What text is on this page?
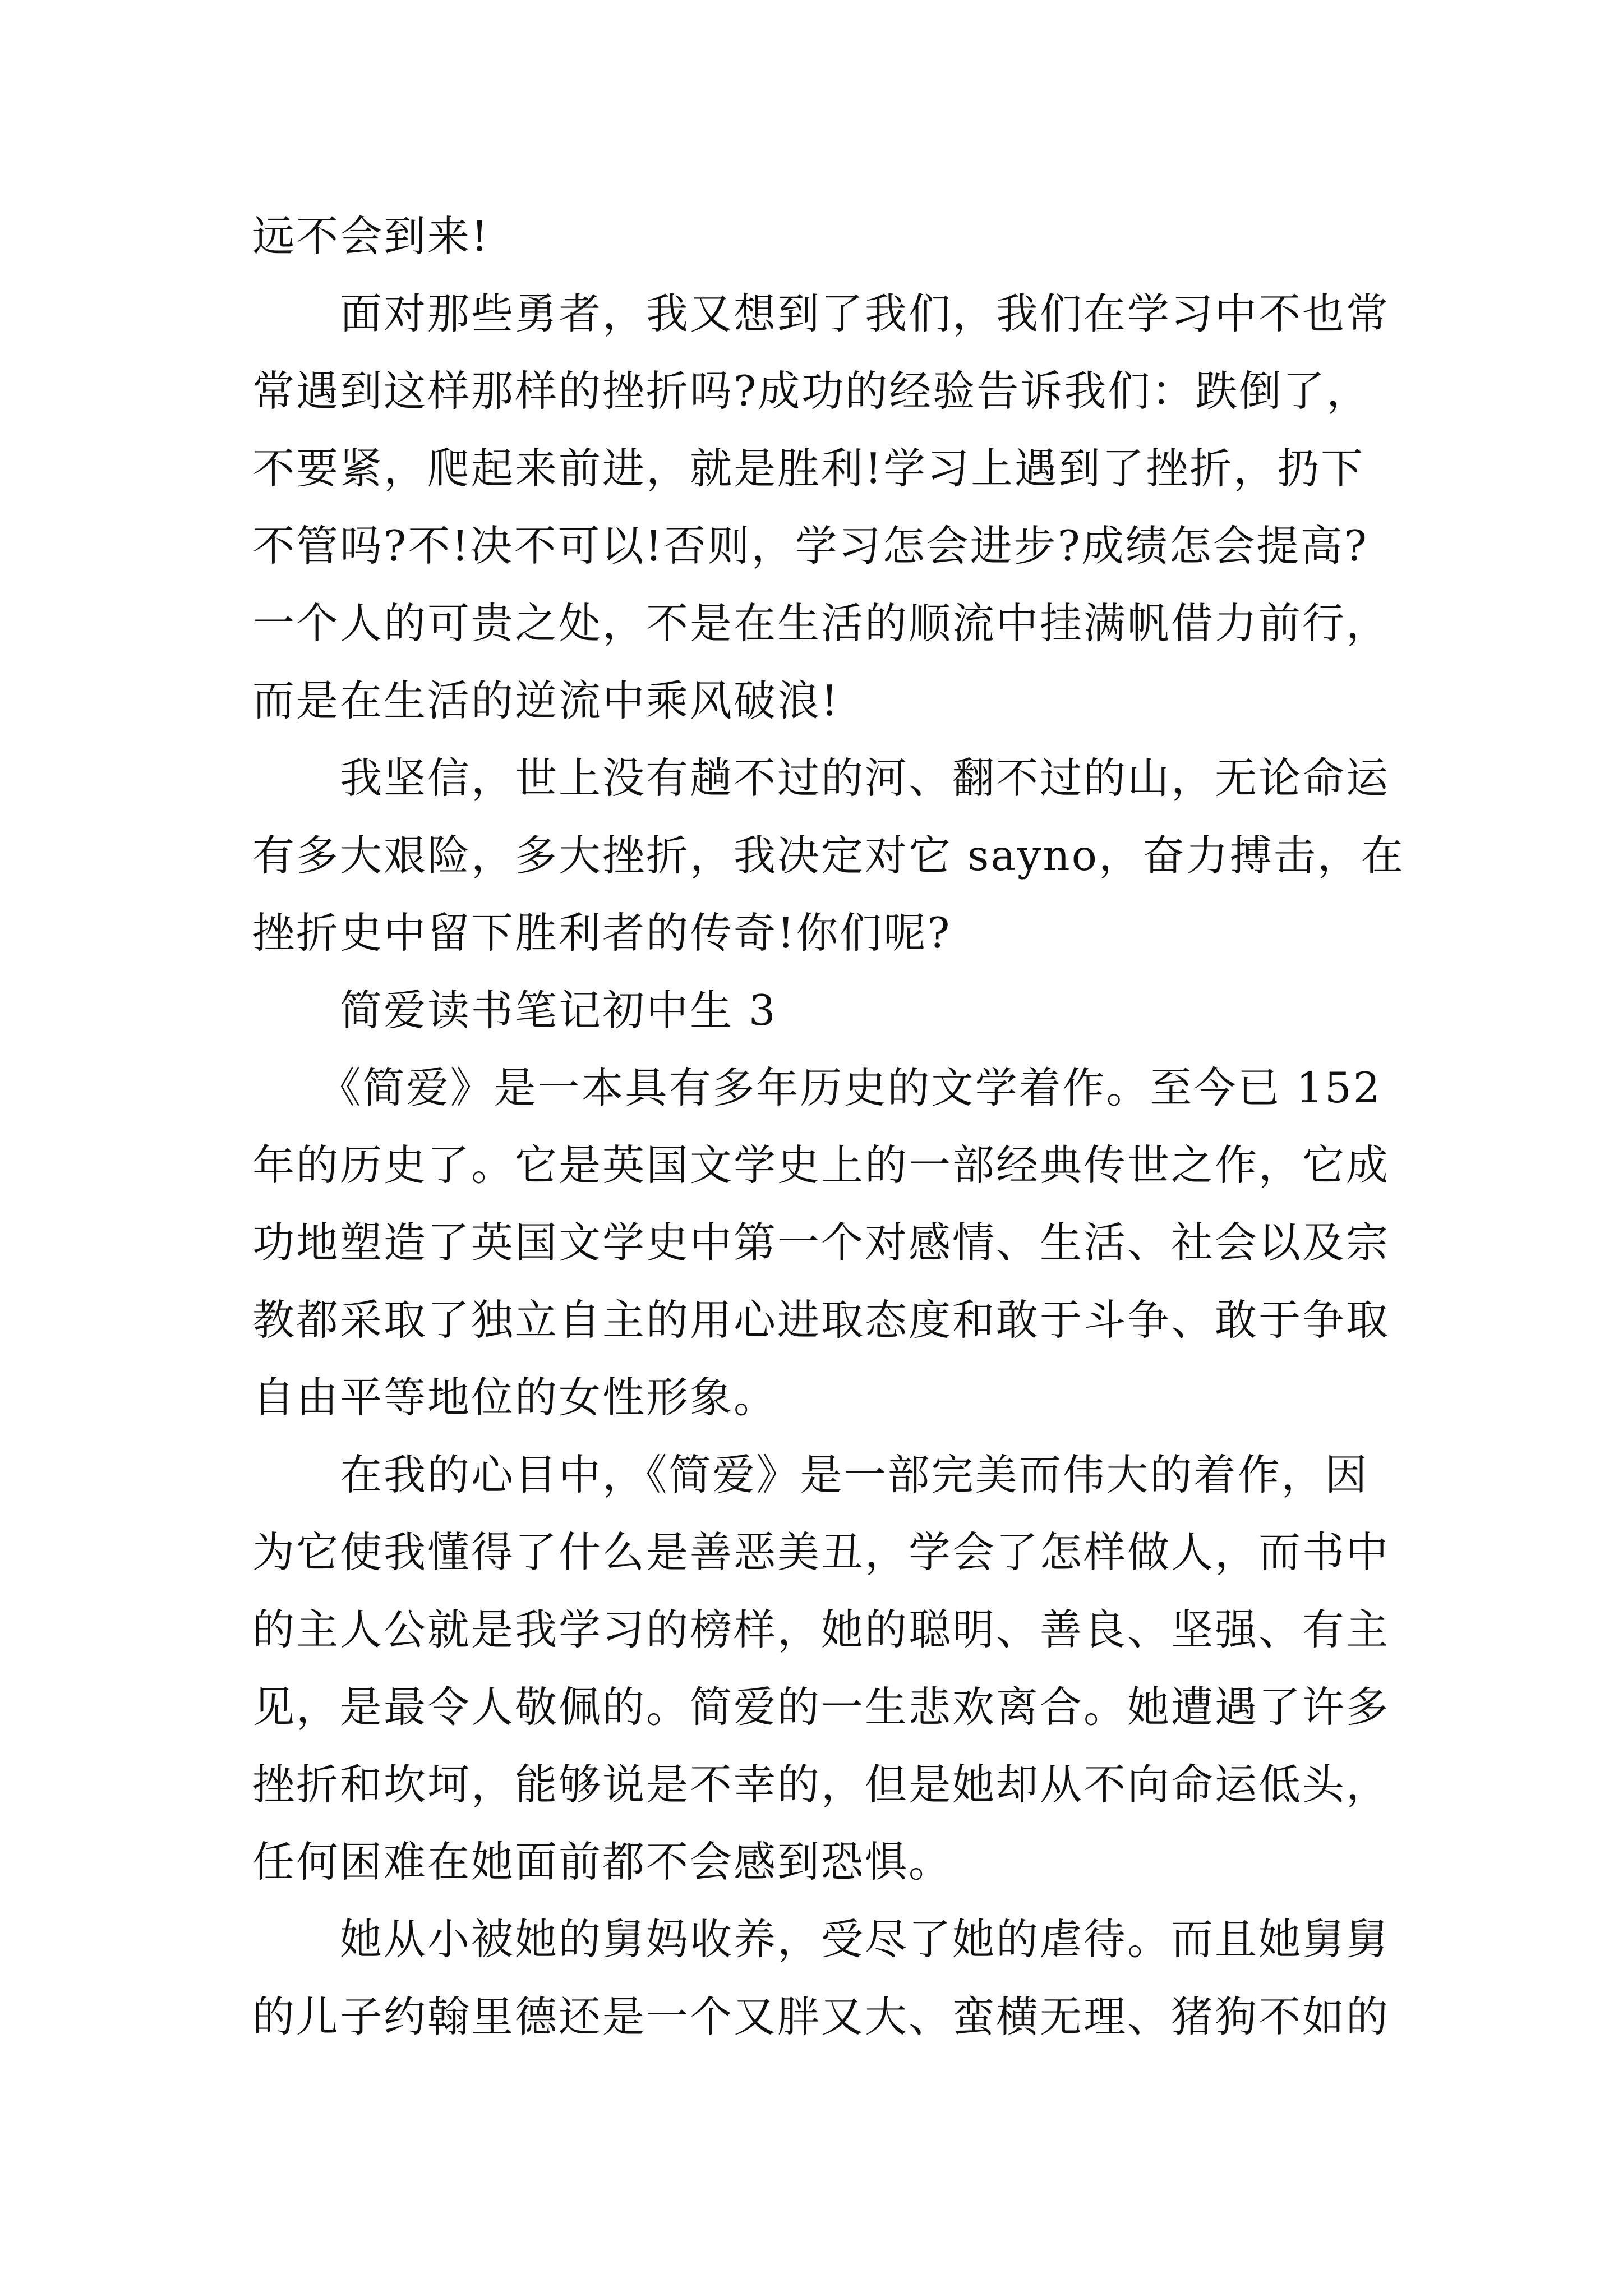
远不会到来!
　　面对那些勇者，我又想到了我们，我们在学习中不也常
常遇到这样那样的挫折吗?成功的经验告诉我们：跌倒了，
不要紧，爬起来前进，就是胜利!学习上遇到了挫折，扔下
不管吗?不!决不可以!否则，学习怎会进步?成绩怎会提高?
一个人的可贵之处，不是在生活的顺流中挂满帆借力前行，
而是在生活的逆流中乘风破浪!
　　我坚信，世上没有趟不过的河、翻不过的山，无论命运
有多大艰险，多大挫折，我决定对它 sayno，奋力搏击，在
挫折史中留下胜利者的传奇!你们呢?
　　简爱读书笔记初中生 3
　　《简爱》是一本具有多年历史的文学着作。至今已 152
年的历史了。它是英国文学史上的一部经典传世之作，它成
功地塑造了英国文学史中第一个对感情、生活、社会以及宗
教都采取了独立自主的用心进取态度和敢于斗争、敢于争取
自由平等地位的女性形象。
　　在我的心目中，《简爱》是一部完美而伟大的着作，因
为它使我懂得了什么是善恶美丑，学会了怎样做人，而书中
的主人公就是我学习的榜样，她的聪明、善良、坚强、有主
见，是最令人敬佩的。简爱的一生悲欢离合。她遭遇了许多
挫折和坎坷，能够说是不幸的，但是她却从不向命运低头，
任何困难在她面前都不会感到恐惧。
　　她从小被她的舅妈收养，受尽了她的虐待。而且她舅舅
的儿子约翰里德还是一个又胖又大、蛮横无理、猪狗不如的
